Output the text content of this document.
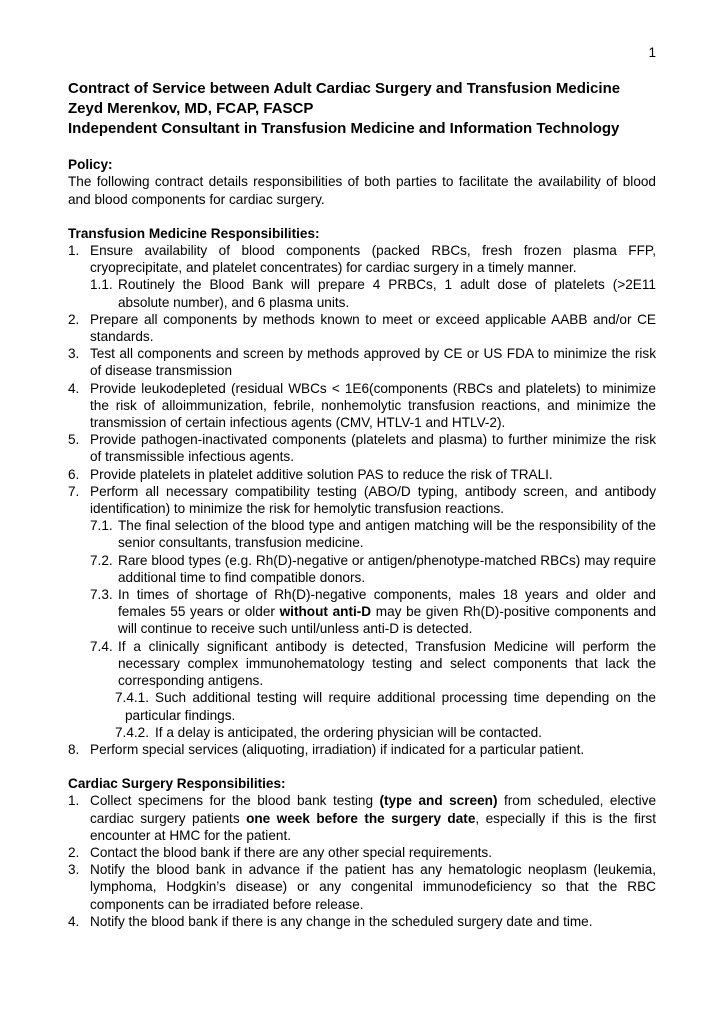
1
Contract of Service between Adult Cardiac Surgery and Transfusion Medicine
Zeyd Merenkov, MD, FCAP, FASCP
Independent Consultant in Transfusion Medicine and Information Technology
Policy:
The following contract details responsibilities of both parties to facilitate the availability of blood and blood components for cardiac surgery.
Transfusion Medicine Responsibilities:
1. Ensure availability of blood components (packed RBCs, fresh frozen plasma FFP, cryoprecipitate, and platelet concentrates) for cardiac surgery in a timely manner.
1.1. Routinely the Blood Bank will prepare 4 PRBCs, 1 adult dose of platelets (>2E11 absolute number), and 6 plasma units.
2. Prepare all components by methods known to meet or exceed applicable AABB and/or CE standards.
3. Test all components and screen by methods approved by CE or US FDA to minimize the risk of disease transmission
4. Provide leukodepleted (residual WBCs < 1E6(components (RBCs and platelets) to minimize the risk of alloimmunization, febrile, nonhemolytic transfusion reactions, and minimize the transmission of certain infectious agents (CMV, HTLV-1 and HTLV-2).
5. Provide pathogen-inactivated components (platelets and plasma) to further minimize the risk of transmissible infectious agents.
6. Provide platelets in platelet additive solution PAS to reduce the risk of TRALI.
7. Perform all necessary compatibility testing (ABO/D typing, antibody screen, and antibody identification) to minimize the risk for hemolytic transfusion reactions.
7.1. The final selection of the blood type and antigen matching will be the responsibility of the senior consultants, transfusion medicine.
7.2. Rare blood types (e.g. Rh(D)-negative or antigen/phenotype-matched RBCs) may require additional time to find compatible donors.
7.3. In times of shortage of Rh(D)-negative components, males 18 years and older and females 55 years or older without anti-D may be given Rh(D)-positive components and will continue to receive such until/unless anti-D is detected.
7.4. If a clinically significant antibody is detected, Transfusion Medicine will perform the necessary complex immunohematology testing and select components that lack the corresponding antigens.
7.4.1. Such additional testing will require additional processing time depending on the particular findings.
7.4.2. If a delay is anticipated, the ordering physician will be contacted.
8. Perform special services (aliquoting, irradiation) if indicated for a particular patient.
Cardiac Surgery Responsibilities:
1. Collect specimens for the blood bank testing (type and screen) from scheduled, elective cardiac surgery patients one week before the surgery date, especially if this is the first encounter at HMC for the patient.
2. Contact the blood bank if there are any other special requirements.
3. Notify the blood bank in advance if the patient has any hematologic neoplasm (leukemia, lymphoma, Hodgkin’s disease) or any congenital immunodeficiency so that the RBC components can be irradiated before release.
4. Notify the blood bank if there is any change in the scheduled surgery date and time.
